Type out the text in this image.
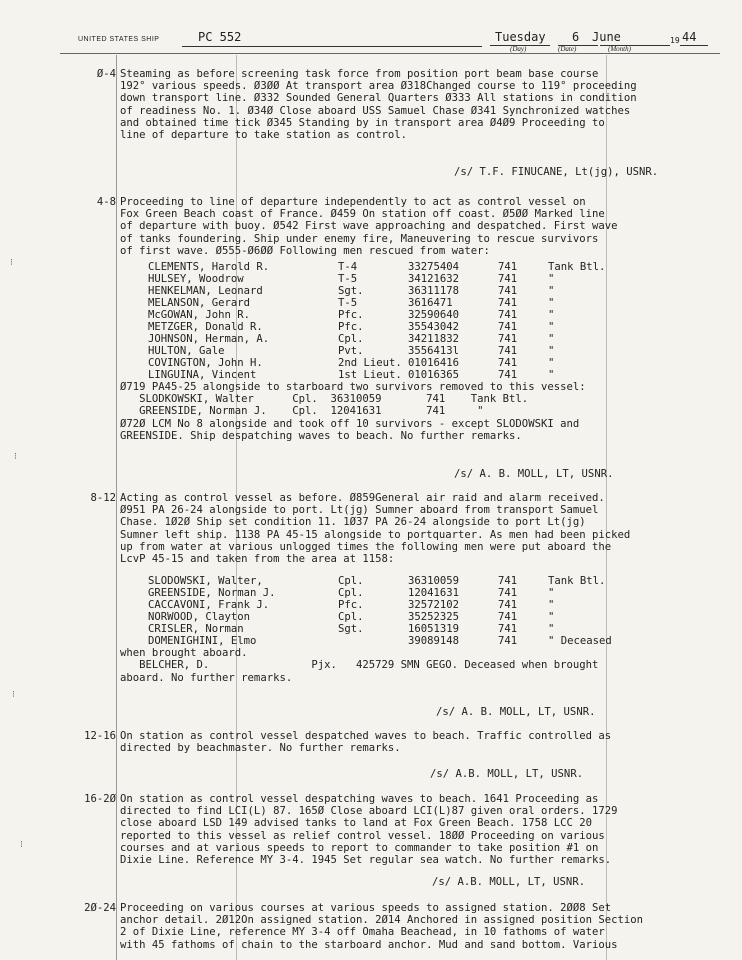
UNITED STATES SHIP	PC 552	Tuesday 6 June	19 44
(Day)	(Date)	(Month)
Ø-4 Steaming as before screening task force from position port beam base course

192° various speeds. Ø3ØØ At transport area Ø318Changed course to 119° proceeding

down transport line. Ø332 Sounded General Quarters Ø333 All stations in condition

of readiness No. 1. Ø34Ø Close aboard USS Samuel Chase Ø341 Synchronized watches

and obtained time tick Ø345 Standing by in transport area Ø4Ø9 Proceeding to

line of departure to take station as control.

/s/ T.F. FINUCANE, Lt(jg), USNR.
4-8 Proceeding to line of departure independently to act as control vessel on

Fox Green Beach coast of France. Ø459 On station off coast. Ø5ØØ Marked line

of departure with buoy. Ø542 First wave approaching and despatched. First wave

of tanks foundering. Ship under enemy fire, Maneuvering to rescue survivors

of first wave. Ø555-Ø6ØØ Following men rescued from water:

CLEMENTS, Harold R.	T-4	33275404	741	Tank Btl.
HULSEY, Woodrow	T-5	34121632	741	"
HENKELMAN, Leonard	Sgt.	36311178	741	"
MELANSON, Gerard	T-5	3616471	741	"
McGOWAN, John R.	Pfc.	32590640	741	"
METZGER, Donald R.	Pfc.	35543042	741	"
JOHNSON, Herman, A.	Cpl.	34211832	741	"
HULTON, Gale	Pvt.	3556413l	741	"
COVINGTON, John H.	2nd Lieut.	01016416	741	"
LINGUINA, Vincent	1st Lieut.	01016365	741	"

Ø719 PA45-25 alongside to starboard two survivors removed to this vessel:

SLODKOWSKI, Walter      Cpl.  36310059       741    Tank Btl.

GREENSIDE, Norman J.    Cpl.  12041631       741     "

Ø72Ø LCM No 8 alongside and took off 10 survivors - except SLODOWSKI and

GREENSIDE. Ship despatching waves to beach. No further remarks.

/s/ A. B. MOLL, LT, USNR.
8-12 Acting as control vessel as before. Ø859General air raid and alarm received.

Ø951 PA 26-24 alongside to port. Lt(jg) Sumner aboard from transport Samuel

Chase. 1Ø2Ø Ship set condition 11. 1Ø37 PA 26-24 alongside to port Lt(jg)

Sumner left ship. 1138 PA 45-15 alongside to portquarter. As men had been picked

up from water at various unlogged times the following men were put aboard the

LcvP 45-15 and taken from the area at 1158:

SLODOWSKI, Walter,	Cpl.	36310059	741	Tank Btl.
GREENSIDE, Norman J.	Cpl.	12041631	741	"
CACCAVONI, Frank J.	Pfc.	32572102	741	"
NORWOOD, Clayton	Cpl.	35252325	741	"
CRISLER, Norman	Sgt.	16051319	741	"
DOMENIGHINI, Elmo		39089148	741	" Deceased

when brought aboard.

BELCHER, D.                Pjx.   425729 SMN GEGO. Deceased when brought

aboard. No further remarks.

/s/ A. B. MOLL, LT, USNR.
12-16 On station as control vessel despatched waves to beach. Traffic controlled as

directed by beachmaster. No further remarks.

/s/ A.B. MOLL, LT, USNR.
16-2Ø On station as control vessel despatching waves to beach. 1641 Proceeding as

directed to find LCI(L) 87. 165Ø Close aboard LCI(L)87 given oral orders. 1729

close aboard LSD 149 advised tanks to land at Fox Green Beach. 1758 LCC 20

reported to this vessel as relief control vessel. 18ØØ Proceeding on various

courses and at various speeds to report to commander to take position #1 on

Dixie Line. Reference MY 3-4. 1945 Set regular sea watch. No further remarks.

/s/ A.B. MOLL, LT, USNR.
2Ø-24 Proceeding on various courses at various speeds to assigned station. 2ØØ8 Set

anchor detail. 2Ø12On assigned station. 2Ø14 Anchored in assigned position Section

2 of Dixie Line, reference MY 3-4 off Omaha Beachead, in 10 fathoms of water

with 45 fathoms of chain to the starboard anchor. Mud and sand bottom. Various

⁝
⁝
⁝
⁝
